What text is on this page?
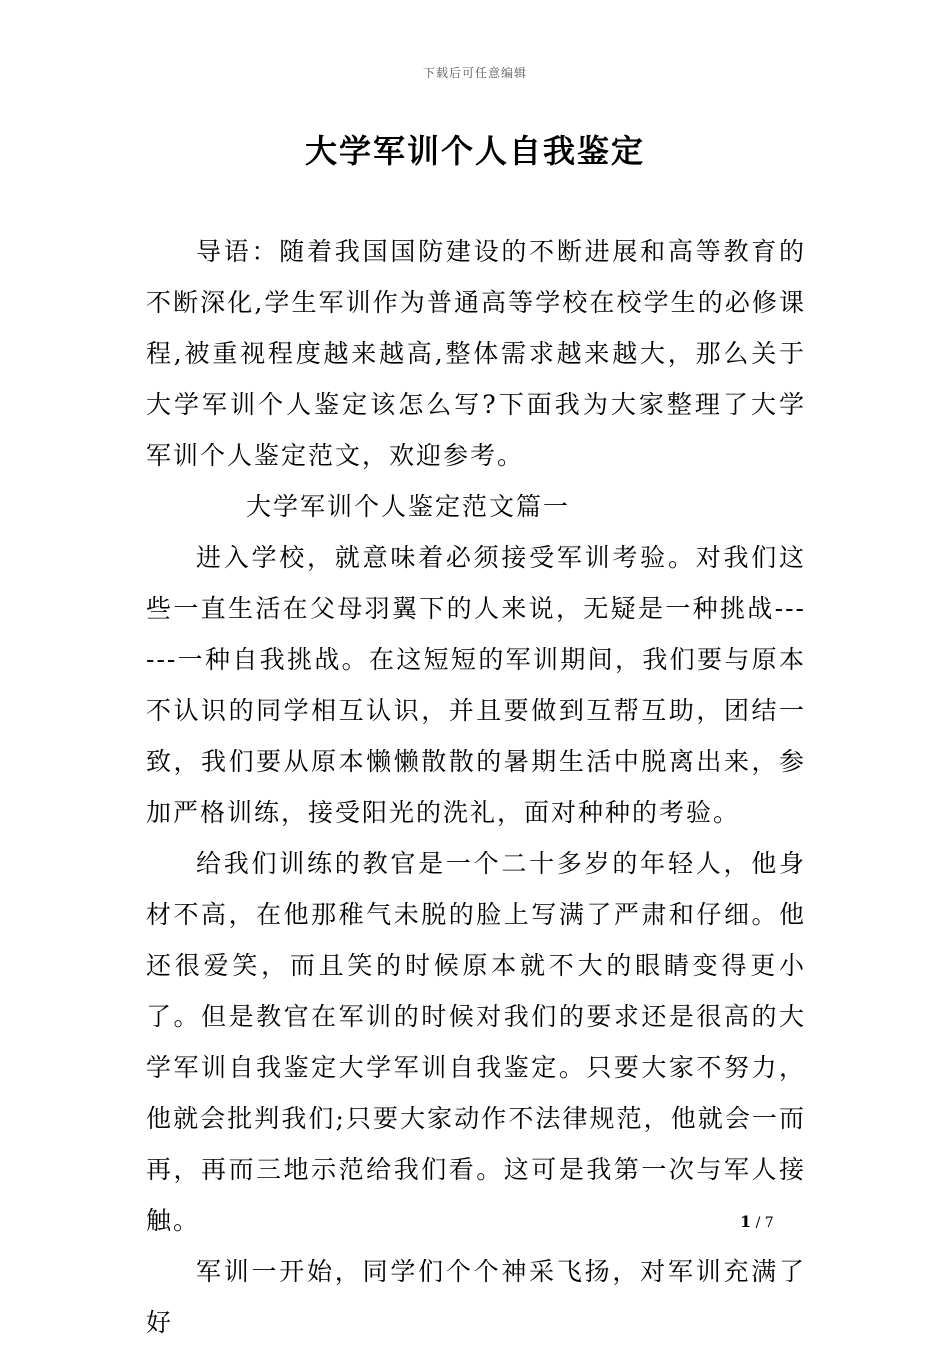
下载后可任意编辑
大学军训个人自我鉴定

导语：随着我国国防建设的不断进展和高等教育的不断深化,学生军训作为普通高等学校在校学生的必修课程,被重视程度越来越高,整体需求越来越大，那么关于大学军训个人鉴定该怎么写?下面我为大家整理了大学军训个人鉴定范文，欢迎参考。

大学军训个人鉴定范文篇一

进入学校，就意味着必须接受军训考验。对我们这些一直生活在父母羽翼下的人来说，无疑是一种挑战------一种自我挑战。在这短短的军训期间，我们要与原本不认识的同学相互认识，并且要做到互帮互助，团结一致，我们要从原本懒懒散散的暑期生活中脱离出来，参加严格训练，接受阳光的洗礼，面对种种的考验。

给我们训练的教官是一个二十多岁的年轻人，他身材不高，在他那稚气未脱的脸上写满了严肃和仔细。他还很爱笑，而且笑的时候原本就不大的眼睛变得更小了。但是教官在军训的时候对我们的要求还是很高的大学军训自我鉴定大学军训自我鉴定。只要大家不努力，他就会批判我们;只要大家动作不法律规范，他就会一而再，再而三地示范给我们看。这可是我第一次与军人接触。

军训一开始，同学们个个神采飞扬，对军训充满了好

1 / 7
